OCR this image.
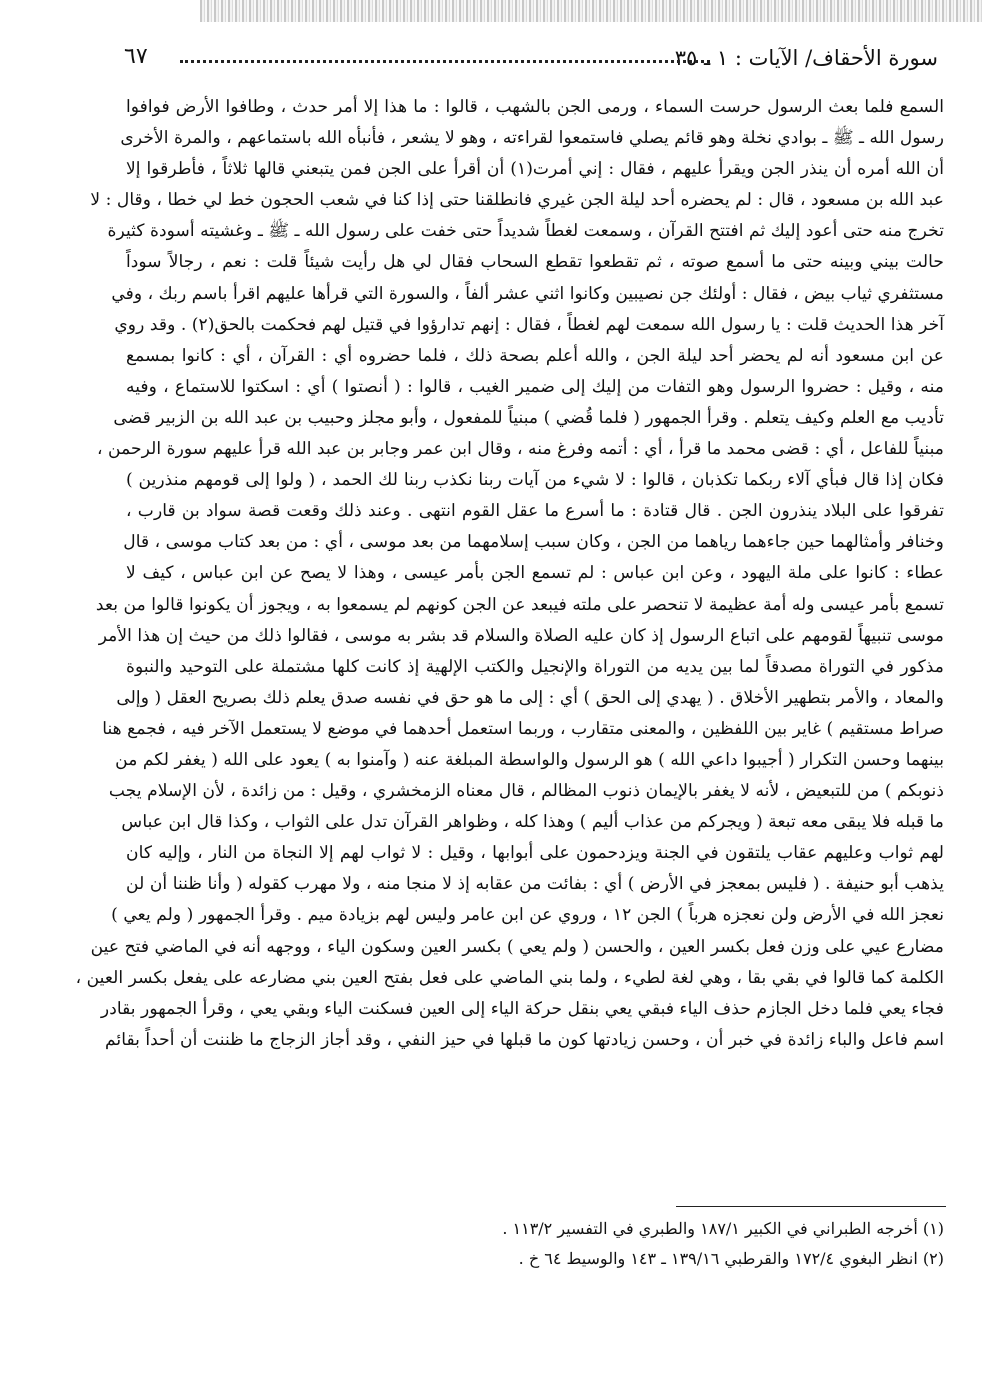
سورة الأحقاف/ الآيات : ١ ـ ٣٥
٦٧
السمع فلما بعث الرسول حرست السماء ، ورمى الجن بالشهب ، قالوا : ما هذا إلا أمر حدث ، وطافوا الأرض فوافوا
رسول الله ـ ﷺ ـ بوادي نخلة وهو قائم يصلي فاستمعوا لقراءته ، وهو لا يشعر ، فأنبأه الله باستماعهم ، والمرة الأخرى
أن الله أمره أن ينذر الجن ويقرأ عليهم ، فقال : إني أمرت(١) أن أقرأ على الجن فمن يتبعني قالها ثلاثاً ، فأطرقوا إلا
عبد الله بن مسعود ، قال : لم يحضره أحد ليلة الجن غيري فانطلقنا حتى إذا كنا في شعب الحجون خط لي خطا ، وقال : لا
تخرج منه حتى أعود إليك ثم افتتح القرآن ، وسمعت لغطاً شديداً حتى خفت على رسول الله ـ ﷺ ـ وغشيته أسودة كثيرة
حالت بيني وبينه حتى ما أسمع صوته ، ثم تقطعوا تقطع السحاب فقال لي هل رأيت شيئاً قلت : نعم ، رجالاً سوداً
مستثفري ثياب بيض ، فقال : أولئك جن نصيبين وكانوا اثني عشر ألفاً ، والسورة التي قرأها عليهم اقرأ باسم ربك ، وفي
آخر هذا الحديث قلت : يا رسول الله سمعت لهم لغطاً ، فقال : إنهم تدارؤوا في قتيل لهم فحكمت بالحق(٢) . وقد روي
عن ابن مسعود أنه لم يحضر أحد ليلة الجن ، والله أعلم بصحة ذلك ، فلما حضروه أي : القرآن ، أي : كانوا بمسمع
منه ، وقيل : حضروا الرسول وهو التفات من إليك إلى ضمير الغيب ، قالوا : ( أنصتوا ) أي : اسكتوا للاستماع ، وفيه
تأديب مع العلم وكيف يتعلم . وقرأ الجمهور ( فلما قُضي ) مبنياً للمفعول ، وأبو مجلز وحبيب بن عبد الله بن الزبير قضى
مبنياً للفاعل ، أي : قضى محمد ما قرأ ، أي : أتمه وفرغ منه ، وقال ابن عمر وجابر بن عبد الله قرأ عليهم سورة الرحمن ،
فكان إذا قال فبأي آلاء ربكما تكذبان ، قالوا : لا شيء من آيات ربنا نكذب ربنا لك الحمد ، ( ولوا إلى قومهم منذرين )
تفرقوا على البلاد ينذرون الجن . قال قتادة : ما أسرع ما عقل القوم انتهى . وعند ذلك وقعت قصة سواد بن قارب ،
وخنافر وأمثالهما حين جاءهما رياهما من الجن ، وكان سبب إسلامهما من بعد موسى ، أي : من بعد كتاب موسى ، قال
عطاء : كانوا على ملة اليهود ، وعن ابن عباس : لم تسمع الجن بأمر عيسى ، وهذا لا يصح عن ابن عباس ، كيف لا
تسمع بأمر عيسى وله أمة عظيمة لا تنحصر على ملته فيبعد عن الجن كونهم لم يسمعوا به ، ويجوز أن يكونوا قالوا من بعد
موسى تنبيهاً لقومهم على اتباع الرسول إذ كان عليه الصلاة والسلام قد بشر به موسى ، فقالوا ذلك من حيث إن هذا الأمر
مذكور في التوراة مصدقاً لما بين يديه من التوراة والإنجيل والكتب الإلهية إذ كانت كلها مشتملة على التوحيد والنبوة
والمعاد ، والأمر بتطهير الأخلاق . ( يهدي إلى الحق ) أي : إلى ما هو حق في نفسه صدق يعلم ذلك بصريح العقل ( وإلى
صراط مستقيم ) غاير بين اللفظين ، والمعنى متقارب ، وربما استعمل أحدهما في موضع لا يستعمل الآخر فيه ، فجمع هنا
بينهما وحسن التكرار ( أجيبوا داعي الله ) هو الرسول والواسطة المبلغة عنه ( وآمنوا به ) يعود على الله ( يغفر لكم من
ذنوبكم ) من للتبعيض ، لأنه لا يغفر بالإيمان ذنوب المظالم ، قال معناه الزمخشري ، وقيل : من زائدة ، لأن الإسلام يجب
ما قبله فلا يبقى معه تبعة ( ويجركم من عذاب أليم ) وهذا كله ، وظواهر القرآن تدل على الثواب ، وكذا قال ابن عباس
لهم ثواب وعليهم عقاب يلتقون في الجنة ويزدحمون على أبوابها ، وقيل : لا ثواب لهم إلا النجاة من النار ، وإليه كان
يذهب أبو حنيفة . ( فليس بمعجز في الأرض ) أي : بفائت من عقابه إذ لا منجا منه ، ولا مهرب كقوله ( وأنا ظننا أن لن
نعجز الله في الأرض ولن نعجزه هرباً ) الجن ١٢ ، وروي عن ابن عامر وليس لهم بزيادة ميم . وقرأ الجمهور ( ولم يعي )
مضارع عيي على وزن فعل بكسر العين ، والحسن ( ولم يعي ) بكسر العين وسكون الياء ، ووجهه أنه في الماضي فتح عين
الكلمة كما قالوا في بقي بقا ، وهي لغة لطيء ، ولما بني الماضي على فعل بفتح العين بني مضارعه على يفعل بكسر العين ،
فجاء يعي فلما دخل الجازم حذف الياء فبقي يعي بنقل حركة الياء إلى العين فسكنت الياء وبقي يعي ، وقرأ الجمهور بقادر
اسم فاعل والباء زائدة في خبر أن ، وحسن زيادتها كون ما قبلها في حيز النفي ، وقد أجاز الزجاج ما ظننت أن أحداً بقائم
(١) أخرجه الطبراني في الكبير ١٨٧/١ والطبري في التفسير ١١٣/٢ .
(٢) انظر البغوي ١٧٢/٤ والقرطبي ١٣٩/١٦ ـ ١٤٣ والوسيط ٦٤ خ .
